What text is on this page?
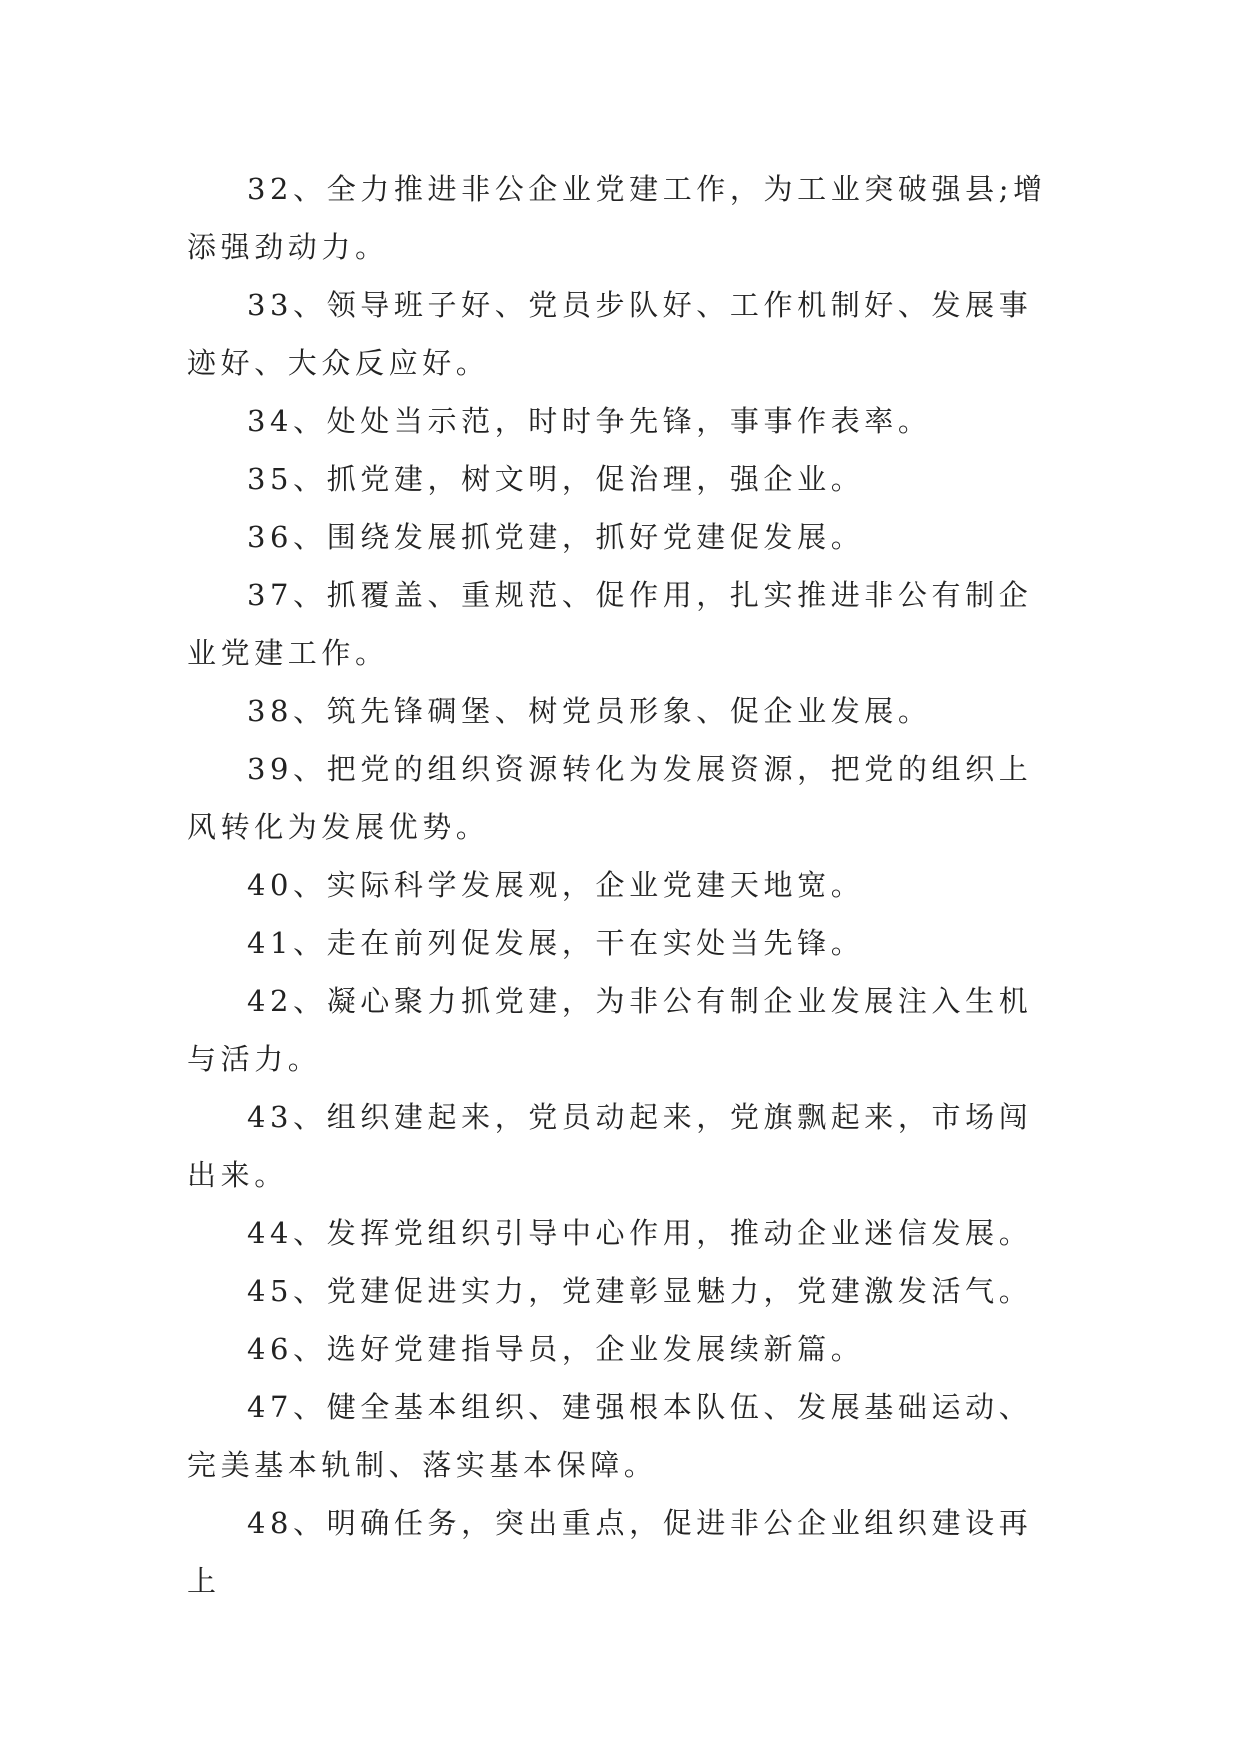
32、全力推进非公企业党建工作，为工业突破强县;增添强劲动力。

33、领导班子好、党员步队好、工作机制好、发展事迹好、大众反应好。

34、处处当示范，时时争先锋，事事作表率。

35、抓党建，树文明，促治理，强企业。

36、围绕发展抓党建，抓好党建促发展。

37、抓覆盖、重规范、促作用，扎实推进非公有制企业党建工作。

38、筑先锋碉堡、树党员形象、促企业发展。

39、把党的组织资源转化为发展资源，把党的组织上风转化为发展优势。

40、实际科学发展观，企业党建天地宽。

41、走在前列促发展，干在实处当先锋。

42、凝心聚力抓党建，为非公有制企业发展注入生机与活力。

43、组织建起来，党员动起来，党旗飘起来，市场闯出来。

44、发挥党组织引导中心作用，推动企业迷信发展。

45、党建促进实力，党建彰显魅力，党建激发活气。

46、选好党建指导员，企业发展续新篇。

47、健全基本组织、建强根本队伍、发展基础运动、完美基本轨制、落实基本保障。

48、明确任务，突出重点，促进非公企业组织建设再上
